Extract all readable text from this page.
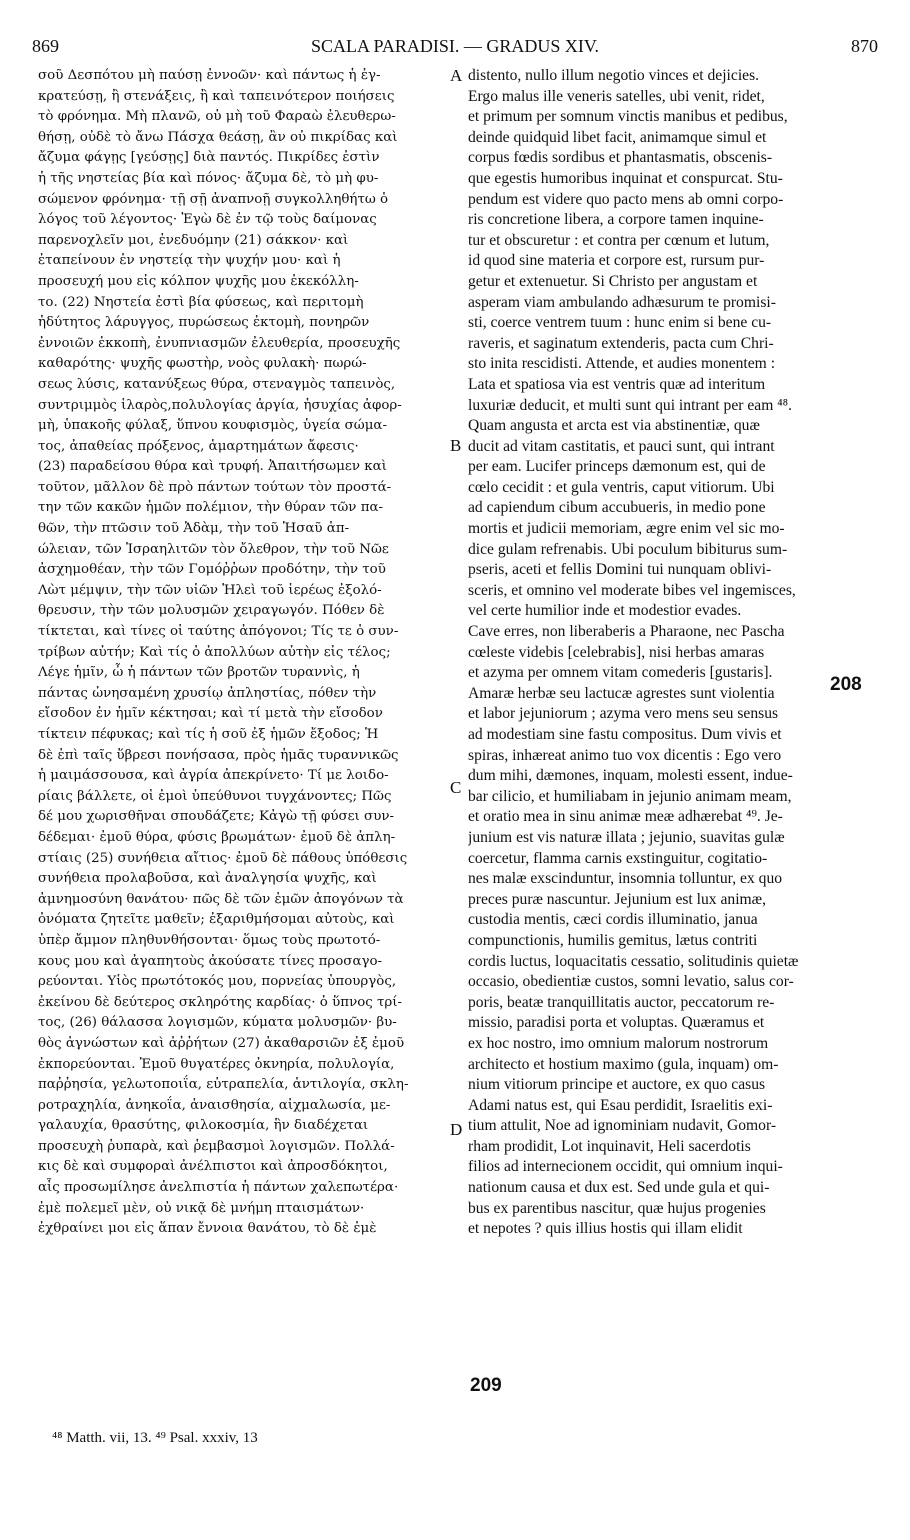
869	SCALA PARADISI. — GRADUS XIV.	870
σοῦ Δεσπότου μὴ παύσῃ ἐννοῶν· καὶ πάντως ἡ ἐγ-
κρατεύσῃ, ἢ στενάξεις, ἢ καὶ ταπεινότερον ποιήσεις
τὸ φρόνημα. Μὴ πλανῶ, οὐ μὴ τοῦ Φαραὼ ἐλευθερω-
θήσῃ, οὐδὲ τὸ ἄνω Πάσχα θεάσῃ, ἂν οὐ πικρίδας καὶ
ἄζυμα φάγῃς [γεύσῃς] διὰ παντός. Πικρίδες ἐστὶν
ἡ τῆς νηστείας βία καὶ πόνος· ἄζυμα δὲ, τὸ μὴ φυ-
σώμενον φρόνημα· τῇ σῇ ἀναπνοῇ συγκολληθήτω ὁ
λόγος τοῦ λέγοντος· Ἐγὼ δὲ ἐν τῷ τοὺς δαίμονας
παρενοχλεῖν μοι, ἐνεδυόμην (21) σάκκον· καὶ
ἐταπείνουν ἐν νηστείᾳ τὴν ψυχήν μου· καὶ ἡ
προσευχή μου εἰς κόλπον ψυχῆς μου ἐκεκόλλη-
το. (22) Νηστεία ἐστὶ βία φύσεως, καὶ περιτομὴ
ἡδύτητος λάρυγγος, πυρώσεως ἐκτομὴ, πονηρῶν
ἐννοιῶν ἐκκοπὴ, ἐνυπνιασμῶν ἐλευθερία, προσευχῆς
καθαρότης· ψυχῆς φωστὴρ, νοὸς φυλακὴ· πωρώ-
σεως λύσις, κατανύξεως θύρα, στεναγμὸς ταπεινὸς,
συντριμμὸς ἱλαρὸς,πολυλογίας ἀργία, ἡσυχίας ἀφορ-
μὴ, ὑπακοῆς φύλαξ, ὕπνου κουφισμὸς, ὑγεία σώμα-
τος, ἀπαθείας πρόξενος, ἁμαρτημάτων ἄφεσις·
(23) παραδείσου θύρα καὶ τρυφή. Ἀπαιτήσωμεν καὶ
τοῦτον, μᾶλλον δὲ πρὸ πάντων τούτων τὸν προστά-
την τῶν κακῶν ἡμῶν πολέμιον, τὴν θύραν τῶν πα-
θῶν, τὴν πτῶσιν τοῦ Ἀδὰμ, τὴν τοῦ Ἡσαῦ ἀπ-
ώλειαν, τῶν Ἰσραηλιτῶν τὸν ὄλεθρον, τὴν τοῦ Νῶε
ἀσχημοθέαν, τὴν τῶν Γομόῤῥων προδότην, τὴν τοῦ
Λὼτ μέμψιν, τὴν τῶν υἱῶν Ἡλεὶ τοῦ ἱερέως ἐξολό-
θρευσιν, τὴν τῶν μολυσμῶν χειραγωγόν. Πόθεν δὲ
τίκτεται, καὶ τίνες οἱ ταύτης ἀπόγονοι; Τίς τε ὁ συν-
τρίβων αὐτήν; Καὶ τίς ὁ ἀπολλύων αὐτὴν εἰς τέλος;
Λέγε ἡμῖν, ὦ ἡ πάντων τῶν βροτῶν τυραννὶς, ἡ
πάντας ὠνησαμένη χρυσίῳ ἀπληστίας, πόθεν τὴν
εἴσοδον ἐν ἡμῖν κέκτησαι; καὶ τί μετὰ τὴν εἴσοδον
τίκτειν πέφυκας; καὶ τίς ἡ σοῦ ἐξ ἡμῶν ἔξοδος; Ἡ
δὲ ἐπὶ ταῖς ὕβρεσι πονήσασα, πρὸς ἡμᾶς τυραννικῶς
ἡ μαιμάσσουσα, καὶ ἀγρία ἀπεκρίνετο· Τί με λοιδο-
ρίαις βάλλετε, οἱ ἐμοὶ ὑπεύθυνοι τυγχάνοντες; Πῶς
δέ μου χωρισθῆναι σπουδάζετε; Κἀγὼ τῇ φύσει συν-
δέδεμαι· ἐμοῦ θύρα, φύσις βρωμάτων· ἐμοῦ δὲ ἀπλη-
στίαις (25) συνήθεια αἴτιος· ἐμοῦ δὲ πάθους ὑπόθεσις
συνήθεια προλαβοῦσα, καὶ ἀναλγησία ψυχῆς, καὶ
ἀμνημοσύνη θανάτου· πῶς δὲ τῶν ἐμῶν ἀπογόνων τὰ
ὀνόματα ζητεῖτε μαθεῖν; ἐξαριθμήσομαι αὐτοὺς, καὶ
ὑπὲρ ἄμμον πληθυνθήσονται· ὅμως τοὺς πρωτοτό-
κους μου καὶ ἀγαπητοὺς ἀκούσατε τίνες προσαγο-
ρεύονται. Υἱὸς πρωτότοκός μου, πορνείας ὑπουργὸς,
ἐκείνου δὲ δεύτερος σκληρότης καρδίας· ὁ ὕπνος τρί-
τος, (26) θάλασσα λογισμῶν, κύματα μολυσμῶν· βυ-
θὸς ἀγνώστων καὶ ἀῤῥήτων (27) ἀκαθαρσιῶν ἐξ ἐμοῦ
ἐκπορεύονται. Ἐμοῦ θυγατέρες ὀκνηρία, πολυλογία,
παῤῥησία, γελωτοποιΐα, εὐτραπελία, ἀντιλογία, σκλη-
ροτραχηλία, ἀνηκοΐα, ἀναισθησία, αἰχμαλωσία, με-
γαλαυχία, θρασύτης, φιλοκοσμία, ἣν διαδέχεται
προσευχὴ ῥυπαρὰ, καὶ ῥεμβασμοὶ λογισμῶν. Πολλά-
κις δὲ καὶ συμφοραὶ ἀνέλπιστοι καὶ ἀπροσδόκητοι,
αἷς προσωμίλησε ἀνελπιστία ἡ πάντων χαλεπωτέρα·
ἐμὲ πολεμεῖ μὲν, οὐ νικᾷ δὲ μνήμη πταισμάτων·
ἐχθραίνει μοι εἰς ἅπαν ἔννοια θανάτου, τὸ δὲ ἐμὲ
distento, nullo illum negotio vinces et dejicies.
Ergo malus ille veneris satelles, ubi venit, ridet,
et primum per somnum vinctis manibus et pedibus,
deinde quidquid libet facit, animamque simul et
corpus fœdis sordibus et phantasmatis, obscenis-
que egestis humoribus inquinat et conspurcat. Stu-
pendum est videre quo pacto mens ab omni corpo-
ris concretione libera, a corpore tamen inquine-
tur et obscuretur : et contra per cœnum et lutum,
id quod sine materia et corpore est, rursum pur-
getur et extenuetur. Si Christo per angustam et
asperam viam ambulando adhæsurum te promisi-
sti, coerce ventrem tuum : hunc enim si bene cu-
raveris, et saginatum extenderis, pacta cum Chri-
sto inita rescidisti. Attende, et audies monentem :
Lata et spatiosa via est ventris quæ ad interitum
luxuriæ deducit, et multi sunt qui intrant per eam ⁴⁸.
Quam angusta et arcta est via abstinentiæ, quæ
ducit ad vitam castitatis, et pauci sunt, qui intrant
per eam. Lucifer princeps dæmonum est, qui de
cœlo cecidit : et gula ventris, caput vitiorum. Ubi
ad capiendum cibum accubueris, in medio pone
mortis et judicii memoriam, ægre enim vel sic mo-
dice gulam refrenabis. Ubi poculum bibiturus sum-
pseris, aceti et fellis Domini tui nunquam oblivi-
sceris, et omnino vel moderate bibes vel ingemisces,
vel certe humilior inde et modestior evades.
Cave erres, non liberaberis a Pharaone, nec Pascha
cœleste videbis [celebrabis], nisi herbas amaras
et azyma per omnem vitam comederis [gustaris].
Amaræ herbæ seu lactucæ agrestes sunt violentia
et labor jejuniorum ; azyma vero mens seu sensus
ad modestiam sine fastu compositus. Dum vivis et
spiras, inhæreat animo tuo vox dicentis : Ego vero
dum mihi, dæmones, inquam, molesti essent, indue-
bar cilicio, et humiliabam in jejunio animam meam,
et oratio mea in sinu animæ meæ adhærebat ⁴⁹. Je-
junium est vis naturæ illata ; jejunio, suavitas gulæ
coercetur, flamma carnis exstinguitur, cogitatio-
nes malæ exscinduntur, insomnia tolluntur, ex quo
preces puræ nascuntur. Jejunium est lux animæ,
custodia mentis, cæci cordis illuminatio, janua
compunctionis, humilis gemitus, lætus contriti
cordis luctus, loquacitatis cessatio, solitudinis quietæ
occasio, obedientiæ custos, somni levatio, salus cor-
poris, beatæ tranquillitatis auctor, peccatorum re-
missio, paradisi porta et voluptas. Quæramus et
ex hoc nostro, imo omnium malorum nostrorum
architecto et hostium maximo (gula, inquam) om-
nium vitiorum principe et auctore, ex quo casus
Adami natus est, qui Esau perdidit, Israelitis exi-
tium attulit, Noe ad ignominiam nudavit, Gomor-
rham prodidit, Lot inquinavit, Heli sacerdotis
filios ad internecionem occidit, qui omnium inqui-
nationum causa et dux est. Sed unde gula et qui-
bus ex parentibus nascitur, quæ hujus progenies
et nepotes ? quis illius hostis qui illam elidit
A
B
C
D
208
209
⁴⁸ Matth. vii, 13. ⁴⁹ Psal. xxxiv, 13
